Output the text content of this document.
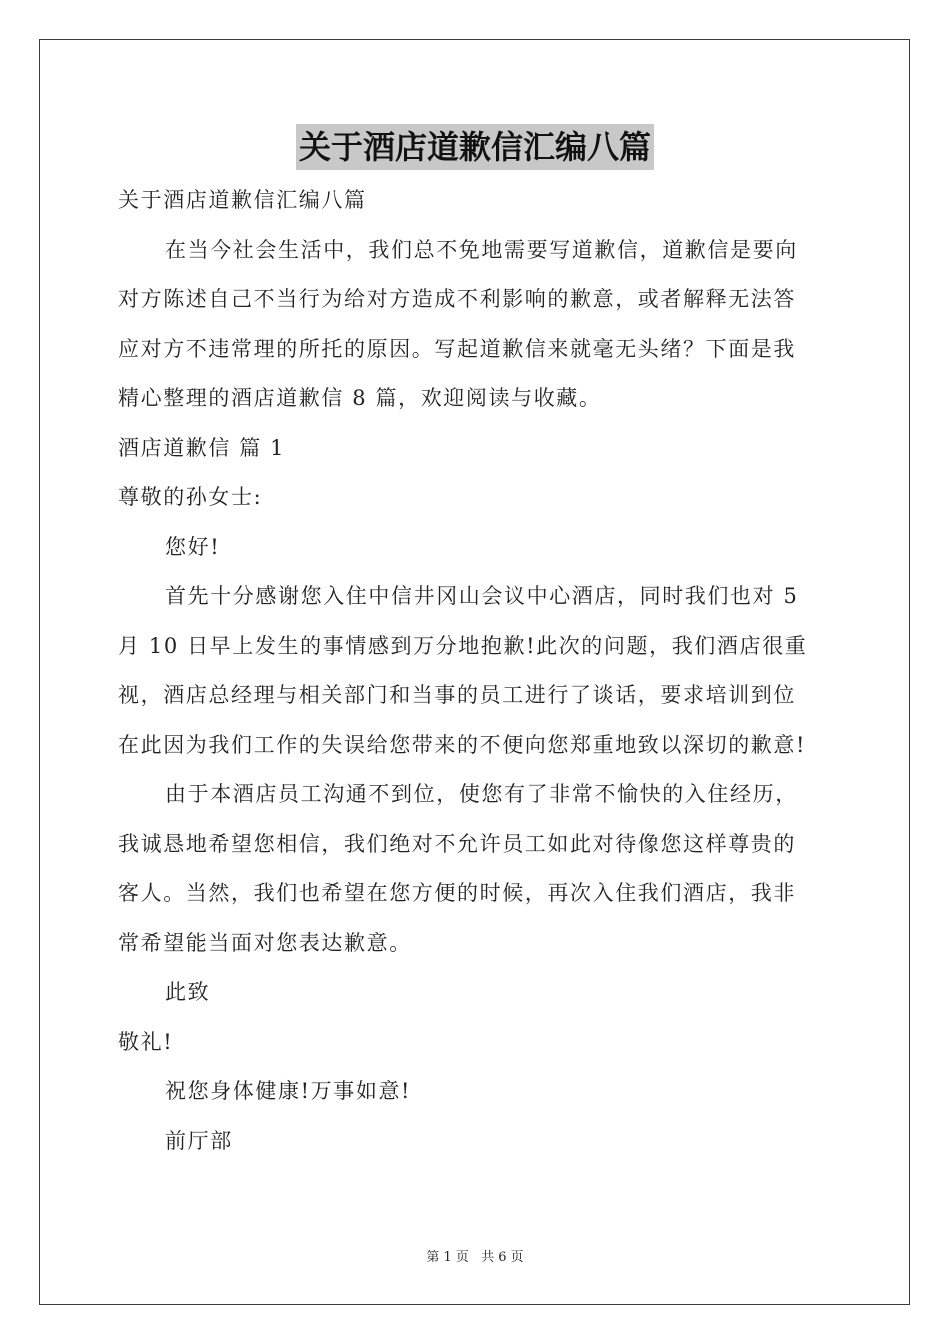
关于酒店道歉信汇编八篇
关于酒店道歉信汇编八篇
在当今社会生活中，我们总不免地需要写道歉信，道歉信是要向
对方陈述自己不当行为给对方造成不利影响的歉意，或者解释无法答
应对方不违常理的所托的原因。写起道歉信来就毫无头绪？下面是我
精心整理的酒店道歉信 8 篇，欢迎阅读与收藏。
酒店道歉信 篇 1
尊敬的孙女士:
您好!
首先十分感谢您入住中信井冈山会议中心酒店，同时我们也对 5
月 10 日早上发生的事情感到万分地抱歉!此次的问题，我们酒店很重
视，酒店总经理与相关部门和当事的员工进行了谈话，要求培训到位
在此因为我们工作的失误给您带来的不便向您郑重地致以深切的歉意!
由于本酒店员工沟通不到位，使您有了非常不愉快的入住经历，
我诚恳地希望您相信，我们绝对不允许员工如此对待像您这样尊贵的
客人。当然，我们也希望在您方便的时候，再次入住我们酒店，我非
常希望能当面对您表达歉意。
此致
敬礼!
祝您身体健康!万事如意!
前厅部
第 1 页 共 6 页
